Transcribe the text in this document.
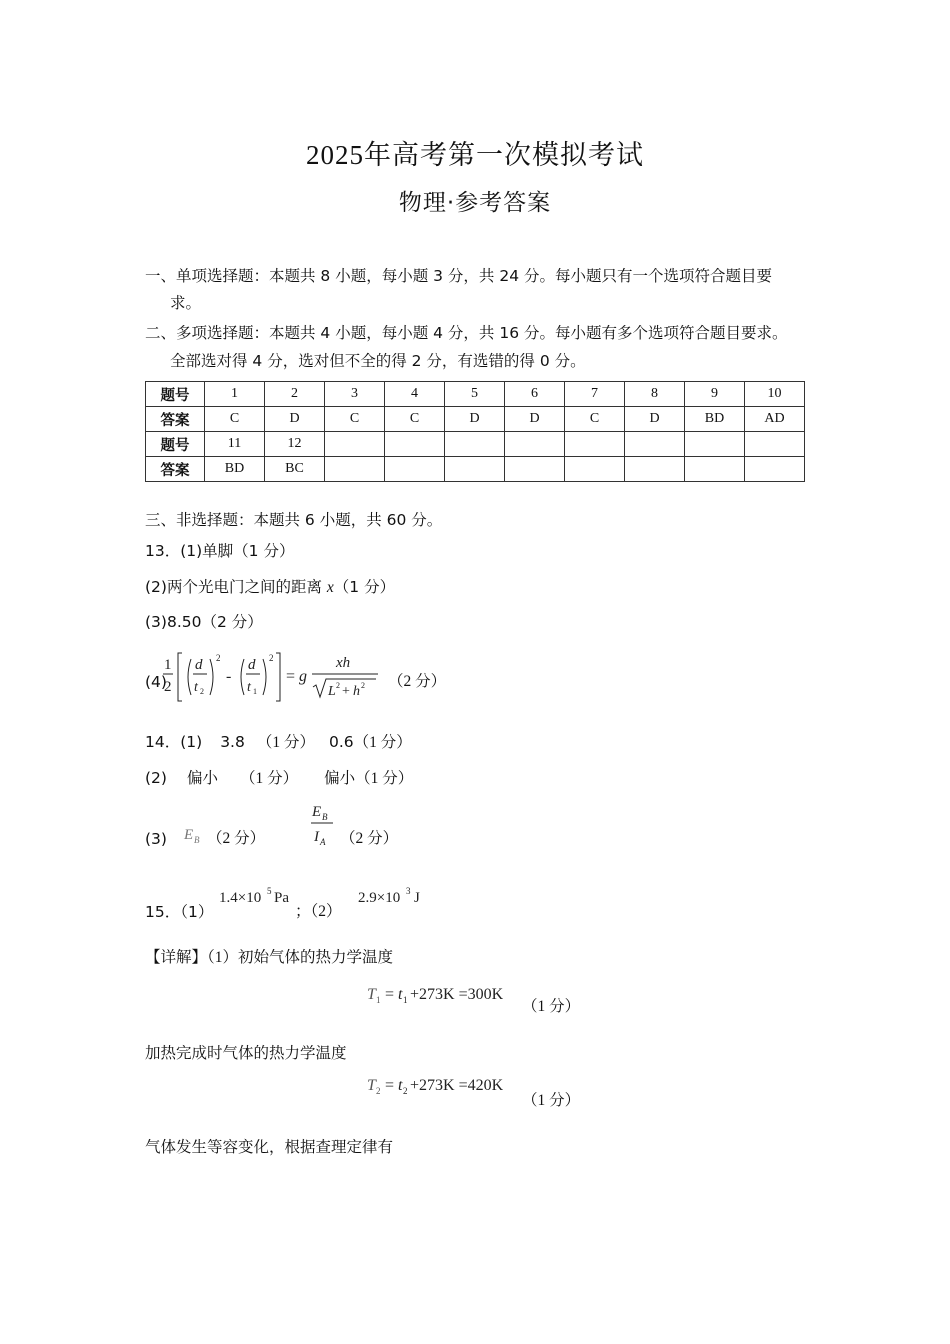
2025年高考第一次模拟考试
物理·参考答案
一、单项选择题：本题共 8 小题，每小题 3 分，共 24 分。每小题只有一个选项符合题目要
求。
二、多项选择题：本题共 4 小题，每小题 4 分，共 16 分。每小题有多个选项符合题目要求。
全部选对得 4 分，选对但不全的得 2 分，有选错的得 0 分。
题号	1	2	3	4	5	6	7	8	9	10
答案	C	D	C	C	D	D	C	D	BD	AD
题号	11	12								
答案	BD	BC								
三、非选择题：本题共 6 小题，共 60 分。
13．(1)单脚（1 分）
(2)两个光电门之间的距离 x（1 分）
(3)8.50（2 分）
(4)
1
2
d
t 2
2
-
d
t 1
2
= g
xh
L 2 + h 2 （2 分）
14．(1) 3.8 （1 分） 0.6（1 分）
(2) 偏小 （1 分） 偏小（1 分）
(3) E B （2 分）
E B
I A （2 分）
15．（1）
1.4×10 5 Pa
；（2）
2.9×10 3 J
【详解】（1）初始气体的热力学温度
T 1 = t 1 +273K =300K
（1 分）
加热完成时气体的热力学温度
T 2 = t 2 +273K =420K
（1 分）
气体发生等容变化，根据查理定律有
